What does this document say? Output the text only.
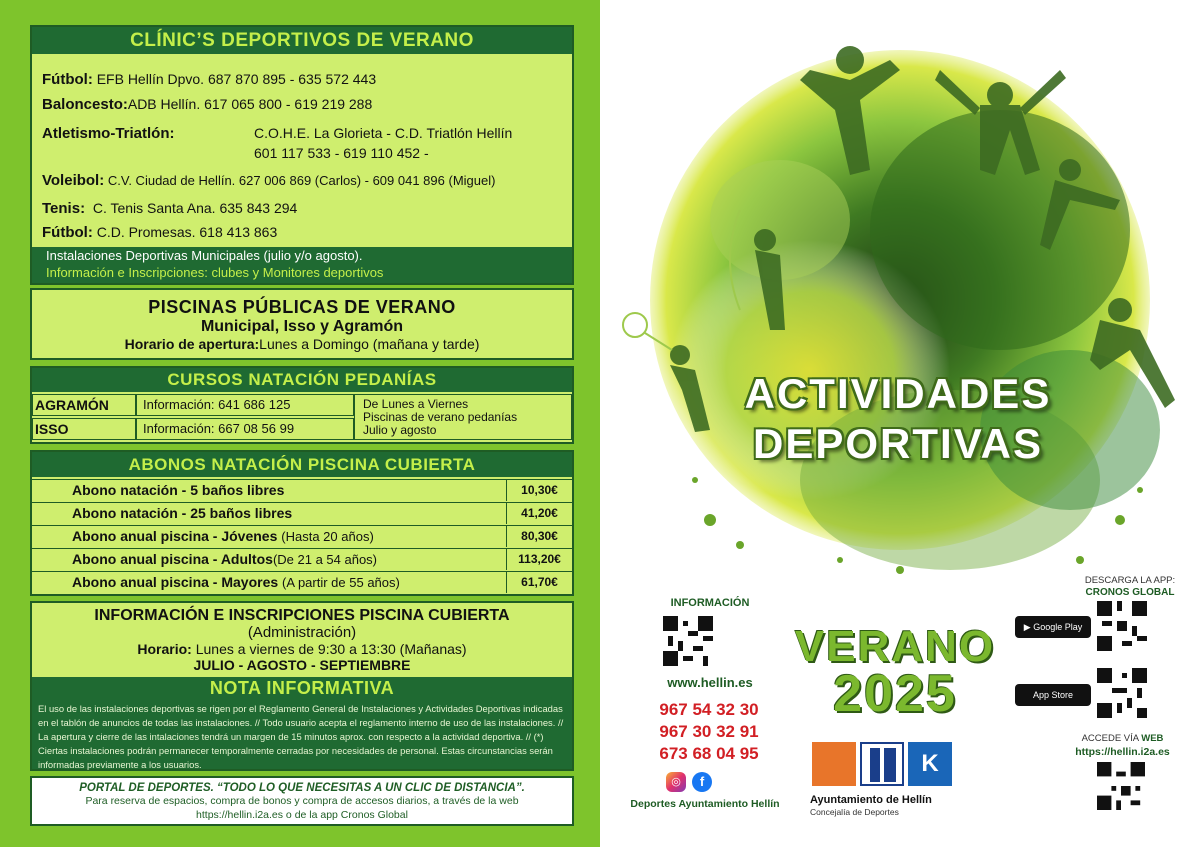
CLÍNIC’S DEPORTIVOS DE VERANO
Fútbol: EFB Hellín Dpvo. 687 870 895 - 635 572 443
Baloncesto:ADB Hellín. 617 065 800 - 619 219 288
Atletismo-Triatlón:	C.O.H.E. La Glorieta - C.D. Triatlón Hellín
601 117 533 - 619 110 452 -
Voleibol: C.V. Ciudad de Hellín. 627 006 869 (Carlos) - 609 041 896 (Miguel)
Tenis: C. Tenis Santa Ana. 635 843 294
Fútbol: C.D. Promesas. 618 413 863
Instalaciones Deportivas Municipales (julio y/o agosto).
Información e Inscripciones: clubes y Monitores deportivos
PISCINAS PÚBLICAS DE VERANO
Municipal, Isso y Agramón
Horario de apertura:Lunes a Domingo (mañana y tarde)
CURSOS NATACIÓN PEDANÍAS
AGRAMÓN	Información: 641 686 125
ISSO	Información: 667 08 56 99
De Lunes a Viernes
Piscinas de verano pedanías
Julio y agosto
ABONOS NATACIÓN PISCINA CUBIERTA
Abono natación - 5 baños libres	10,30€
Abono natación - 25 baños libres	41,20€
Abono anual piscina - Jóvenes (Hasta 20 años)	80,30€
Abono anual piscina - Adultos(De 21 a 54 años)	113,20€
Abono anual piscina - Mayores (A partir de 55 años)	61,70€
INFORMACIÓN E INSCRIPCIONES PISCINA CUBIERTA
(Administración)
Horario: Lunes a viernes de 9:30 a 13:30 (Mañanas)
JULIO - AGOSTO - SEPTIEMBRE
NOTA INFORMATIVA
El uso de las instalaciones deportivas se rigen por el Reglamento General de Instalaciones y Actividades Deportivas indicadas en el tablón de anuncios de todas las instalaciones. // Todo usuario acepta el reglamento interno de uso de las instalaciones. // La apertura y cierre de las intalaciones tendrá un margen de 15 minutos aprox. con respecto a la actividad deportiva. // (*) Ciertas instalaciones podrán permanecer temporalmente cerradas por necesidades de personal. Estas circunstancias serán informadas previamente a los usuarios.
PORTAL DE DEPORTES. “TODO LO QUE NECESITAS A UN CLIC DE DISTANCIA”.
Para reserva de espacios, compra de bonos y compra de accesos diarios, a través de la web
https://hellin.i2a.es o de la app Cronos Global
ACTIVIDADES
DEPORTIVAS
VERANO
2025
INFORMACIÓN
www.hellin.es
967 54 32 30
967 30 32 91
673 68 04 95
◎	f
Deportes Ayuntamiento Hellín
K
Ayuntamiento de Hellín
Concejalía de Deportes
DESCARGA LA APP:
CRONOS GLOBAL
▶ Google Play
App Store
ACCEDE VÍA WEB
https://hellin.i2a.es
